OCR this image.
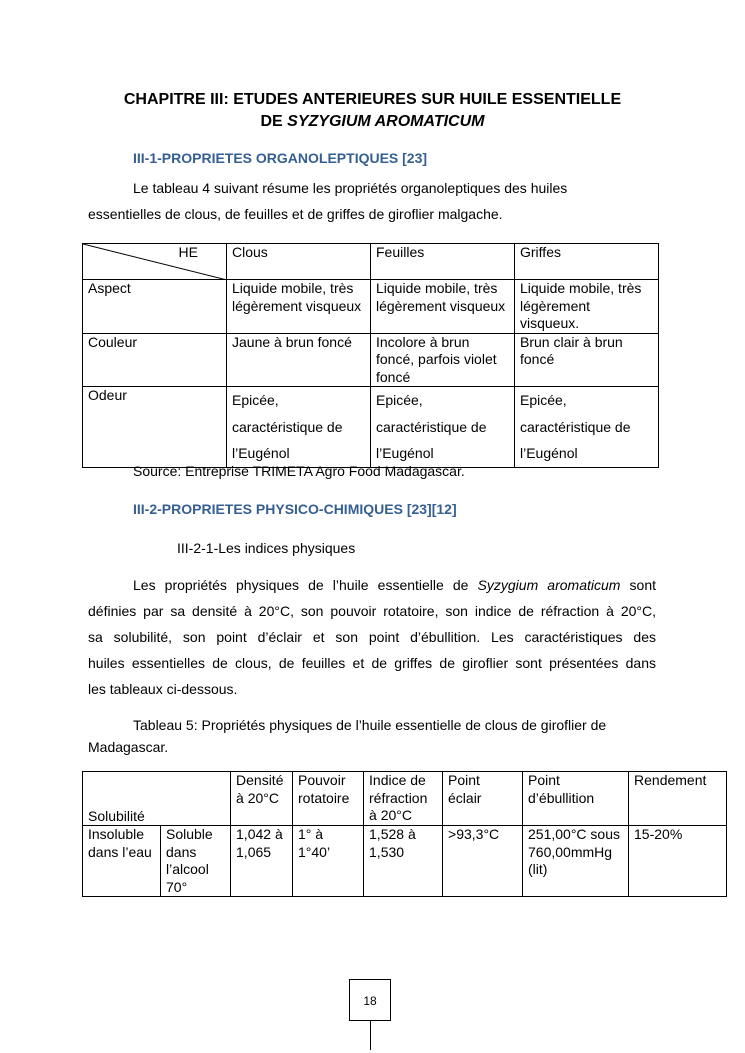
CHAPITRE III: ETUDES ANTERIEURES SUR HUILE ESSENTIELLE
DE SYZYGIUM AROMATICUM
III-1-PROPRIETES ORGANOLEPTIQUES [23]
Le tableau 4 suivant résume les propriétés organoleptiques des huiles
essentielles de clous, de feuilles et de griffes de giroflier malgache.
HE	Clous	Feuilles	Griffes
Aspect	Liquide mobile, très légèrement visqueux	Liquide mobile, très légèrement visqueux	Liquide mobile, très légèrement visqueux.
Couleur	Jaune à brun foncé	Incolore à brun foncé, parfois violet foncé	Brun clair à brun foncé
Odeur	Epicée, caractéristique de l’Eugénol	Epicée, caractéristique de l’Eugénol	Epicée, caractéristique de l’Eugénol
Source: Entreprise TRIMETA Agro Food Madagascar.
III-2-PROPRIETES PHYSICO-CHIMIQUES [23][12]
III-2-1-Les indices physiques
Les propriétés physiques de l’huile essentielle de Syzygium aromaticum sont
définies par sa densité à 20°C, son pouvoir rotatoire, son indice de réfraction à 20°C,
sa solubilité, son point d’éclair et son point d’ébullition. Les caractéristiques des
huiles essentielles de clous, de feuilles et de griffes de giroflier sont présentées dans
les tableaux ci-dessous.
Tableau 5: Propriétés physiques de l’huile essentielle de clous de giroflier de
Madagascar.
Solubilité		Densité à 20°C	Pouvoir rotatoire	Indice de réfraction à 20°C	Point éclair	Point d’ébullition	Rendement
Insoluble dans l’eau	Soluble dans l’alcool 70°	1,042 à 1,065	1° à 1°40’	1,528 à 1,530	>93,3°C	251,00°C sous 760,00mmHg (lit)	15-20%
18
